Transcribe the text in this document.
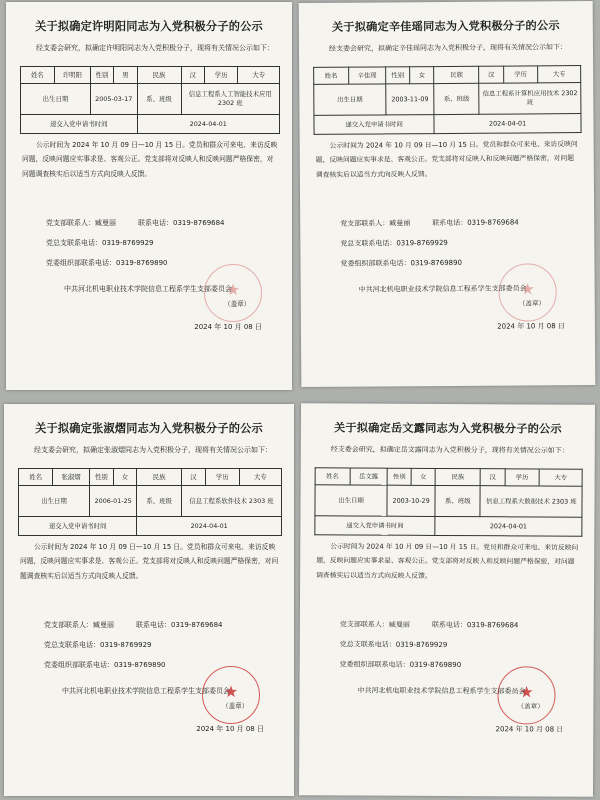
关于拟确定许明阳同志为入党积极分子的公示
经支委会研究，拟确定许明阳同志为入党积极分子，现将有关情况公示如下：
姓名	许明阳	性别	男	民族	汉	学历	大专
出生日期		2005-03-17		系、班级	信息工程系人工智能技术应用 2302 班		
递交入党申请书时间				2024-04-01			
公示时间为 2024 年 10 月 09 日—10 月 15 日。党员和群众可来电、来访反映问题，反映问题应实事求是、客观公正。党支部将对反映人和反映问题严格保密，对问题调查核实后以适当方式向反映人反馈。
党支部联系人：臧曼丽	联系电话：0319-8769684
党总支联系电话：0319-8769929
党委组织部联系电话：0319-8769890
★
中共河北机电职业技术学院信息工程系学生支部委员会
（盖章）
2024 年 10 月 08 日
关于拟确定辛佳瑶同志为入党积极分子的公示
经支委会研究，拟确定辛佳瑶同志为入党积极分子，现将有关情况公示如下：
姓名	辛佳瑶	性别	女	民族	汉	学历	大专
出生日期		2003-11-09		系、班级	信息工程系计算机应用技术 2302 班		
递交入党申请书时间				2024-04-01			
公示时间为 2024 年 10 月 09 日—10 月 15 日。党员和群众可来电、来访反映问题，反映问题应实事求是、客观公正。党支部将对反映人和反映问题严格保密，对问题调查核实后以适当方式向反映人反馈。
党支部联系人：臧曼丽	联系电话：0319-8769684
党总支联系电话：0319-8769929
党委组织部联系电话：0319-8769890
★
中共河北机电职业技术学院信息工程系学生支部委员会
（盖章）
2024 年 10 月 08 日
关于拟确定张淑熠同志为入党积极分子的公示
经支委会研究，拟确定张淑熠同志为入党积极分子，现将有关情况公示如下：
姓名	张淑熠	性别	女	民族	汉	学历	大专
出生日期		2006-01-25		系、班级	信息工程系软件技术 2303 班		
递交入党申请书时间				2024-04-01			
公示时间为 2024 年 10 月 09 日—10 月 15 日。党员和群众可来电、来访反映问题，反映问题应实事求是、客观公正。党支部将对反映人和反映问题严格保密，对问题调查核实后以适当方式向反映人反馈。
党支部联系人：臧曼丽	联系电话：0319-8769684
党总支联系电话：0319-8769929
党委组织部联系电话：0319-8769890
★
中共河北机电职业技术学院信息工程系学生支部委员会
（盖章）
2024 年 10 月 08 日
关于拟确定岳文露同志为入党积极分子的公示
经支委会研究，拟确定岳文露同志为入党积极分子，现将有关情况公示如下：
姓名	岳文露	性别	女	民族	汉	学历	大专
出生日期		2003-10-29		系、班级	信息工程系大数据技术 2303 班		
递交入党申请书时间				2024-04-01			
公示时间为 2024 年 10 月 09 日—10 月 15 日。党员和群众可来电、来访反映问题，反映问题应实事求是、客观公正。党支部将对反映人和反映问题严格保密，对问题调查核实后以适当方式向反映人反馈。
党支部联系人：臧曼丽	联系电话：0319-8769684
党总支联系电话：0319-8769929
党委组织部联系电话：0319-8769890
★
中共河北机电职业技术学院信息工程系学生支部委员会
（盖章）
2024 年 10 月 08 日
